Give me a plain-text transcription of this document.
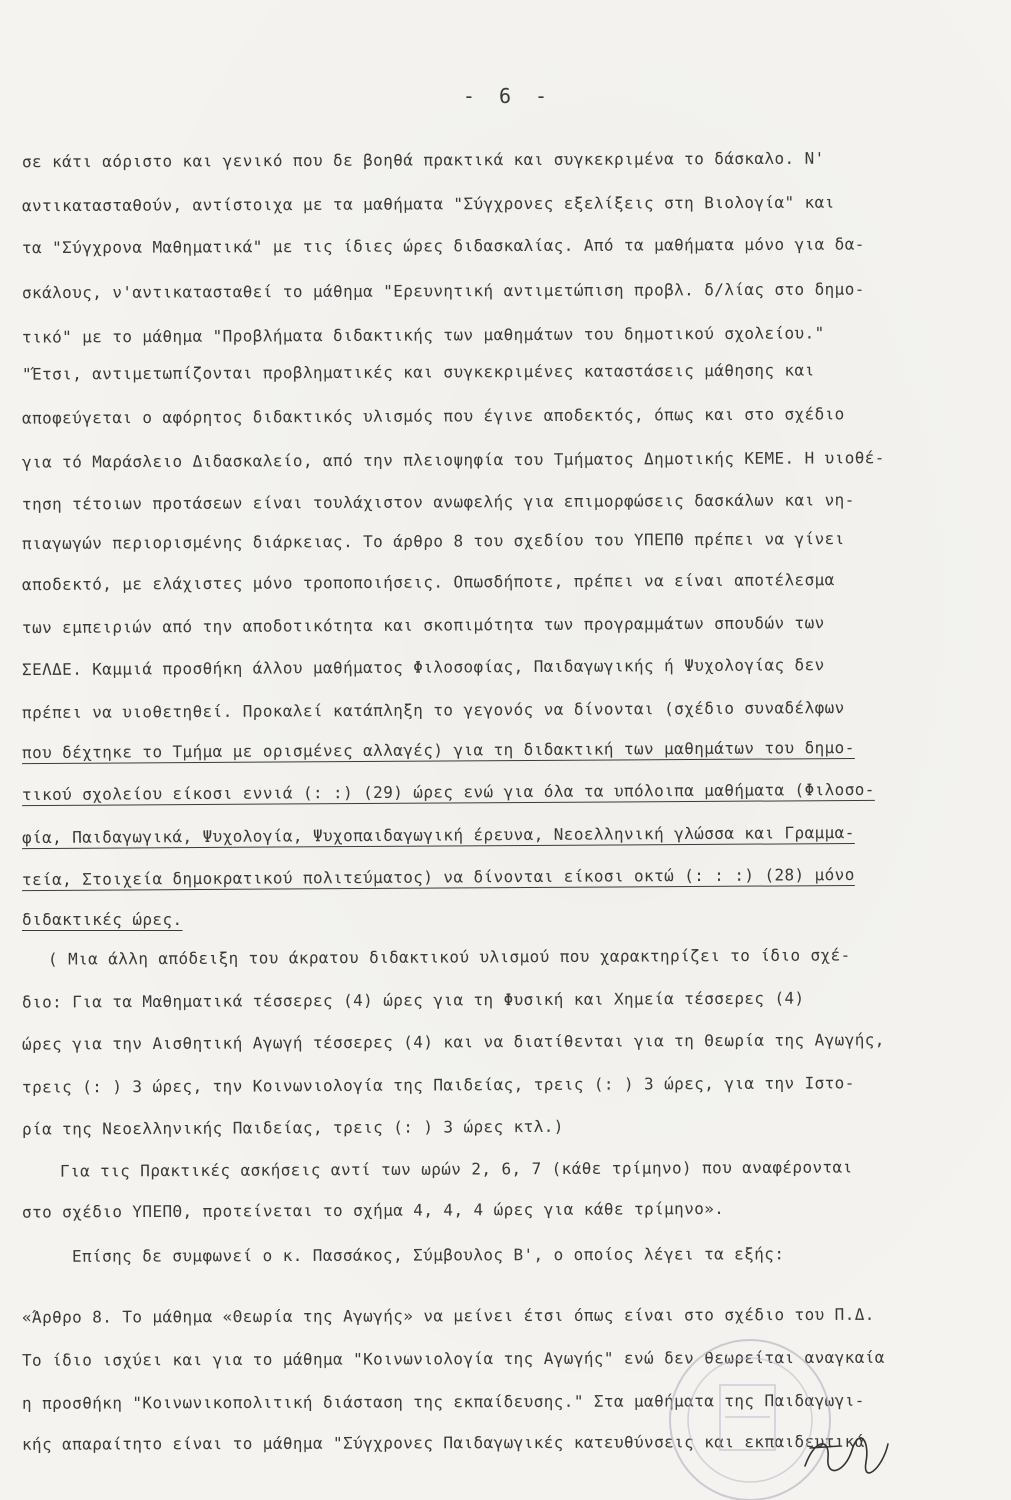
- 6 -
σε κάτι αόριστο και γενικό που δε βοηθά πρακτικά και συγκεκριμένα το δάσκαλο. Ν'
αντικατασταθούν, αντίστοιχα με τα μαθήματα "Σύγχρονες εξελίξεις στη Βιολογία" και
τα "Σύγχρονα Μαθηματικά" με τις ίδιες ώρες διδασκαλίας. Από τα μαθήματα μόνο για δα-
σκάλους, ν'αντικατασταθεί το μάθημα "Ερευνητική αντιμετώπιση προβλ. δ/λίας στο δημο-
τικό" με το μάθημα "Προβλήματα διδακτικής των μαθημάτων του δημοτικού σχολείου."
"Έτσι, αντιμετωπίζονται προβληματικές και συγκεκριμένες καταστάσεις μάθησης και
αποφεύγεται ο αφόρητος διδακτικός υλισμός που έγινε αποδεκτός, όπως και στο σχέδιο
για τό Μαράσλειο Διδασκαλείο, από την πλειοψηφία του Τμήματος Δημοτικής ΚΕΜΕ. Η υιοθέ-
τηση τέτοιων προτάσεων είναι τουλάχιστον ανωφελής για επιμορφώσεις δασκάλων και νη-
πιαγωγών περιορισμένης διάρκειας. Το άρθρο 8 του σχεδίου του ΥΠΕΠΘ πρέπει να γίνει
αποδεκτό, με ελάχιστες μόνο τροποποιήσεις. Οπωσδήποτε, πρέπει να είναι αποτέλεσμα
των εμπειριών από την αποδοτικότητα και σκοπιμότητα των προγραμμάτων σπουδών των
ΣΕΛΔΕ. Καμμιά προσθήκη άλλου μαθήματος Φιλοσοφίας, Παιδαγωγικής ή Ψυχολογίας δεν
πρέπει να υιοθετηθεί. Προκαλεί κατάπληξη το γεγονός να δίνονται (σχέδιο συναδέλφων
που δέχτηκε το Τμήμα με ορισμένες αλλαγές) για τη διδακτική των μαθημάτων του δημο-
τικού σχολείου είκοσι εννιά (: :) (29) ώρες ενώ για όλα τα υπόλοιπα μαθήματα (Φιλοσο-
φία, Παιδαγωγικά, Ψυχολογία, Ψυχοπαιδαγωγική έρευνα, Νεοελληνική γλώσσα και Γραμμα-
τεία, Στοιχεία δημοκρατικού πολιτεύματος) να δίνονται είκοσι οκτώ (: : :) (28) μόνο
διδακτικές ώρες.
( Μια άλλη απόδειξη του άκρατου διδακτικού υλισμού που χαρακτηρίζει το ίδιο σχέ-
διο: Για τα Μαθηματικά τέσσερες (4) ώρες για τη Φυσική και Χημεία τέσσερες (4)
ώρες για την Αισθητική Αγωγή τέσσερες (4) και να διατίθενται για τη Θεωρία της Αγωγής,
τρεις (: ) 3 ώρες, την Κοινωνιολογία της Παιδείας, τρεις (: ) 3 ώρες, για την Ιστο-
ρία της Νεοελληνικής Παιδείας, τρεις (: ) 3 ώρες κτλ.)
Για τις Πρακτικές ασκήσεις αντί των ωρών 2, 6, 7 (κάθε τρίμηνο) που αναφέρονται
στο σχέδιο ΥΠΕΠΘ, προτείνεται το σχήμα 4, 4, 4 ώρες για κάθε τρίμηνο».
Επίσης δε συμφωνεί ο κ. Πασσάκος, Σύμβουλος Β', ο οποίος λέγει τα εξής:
«Άρθρο 8. Το μάθημα «Θεωρία της Αγωγής» να μείνει έτσι όπως είναι στο σχέδιο του Π.Δ.
Το ίδιο ισχύει και για το μάθημα "Κοινωνιολογία της Αγωγής" ενώ δεν θεωρείται αναγκαία
η προσθήκη "Κοινωνικοπολιτική διάσταση της εκπαίδευσης." Στα μαθήματα της Παιδαγωγι-
κής απαραίτητο είναι το μάθημα "Σύγχρονες Παιδαγωγικές κατευθύνσεις και εκπαιδευτικά
